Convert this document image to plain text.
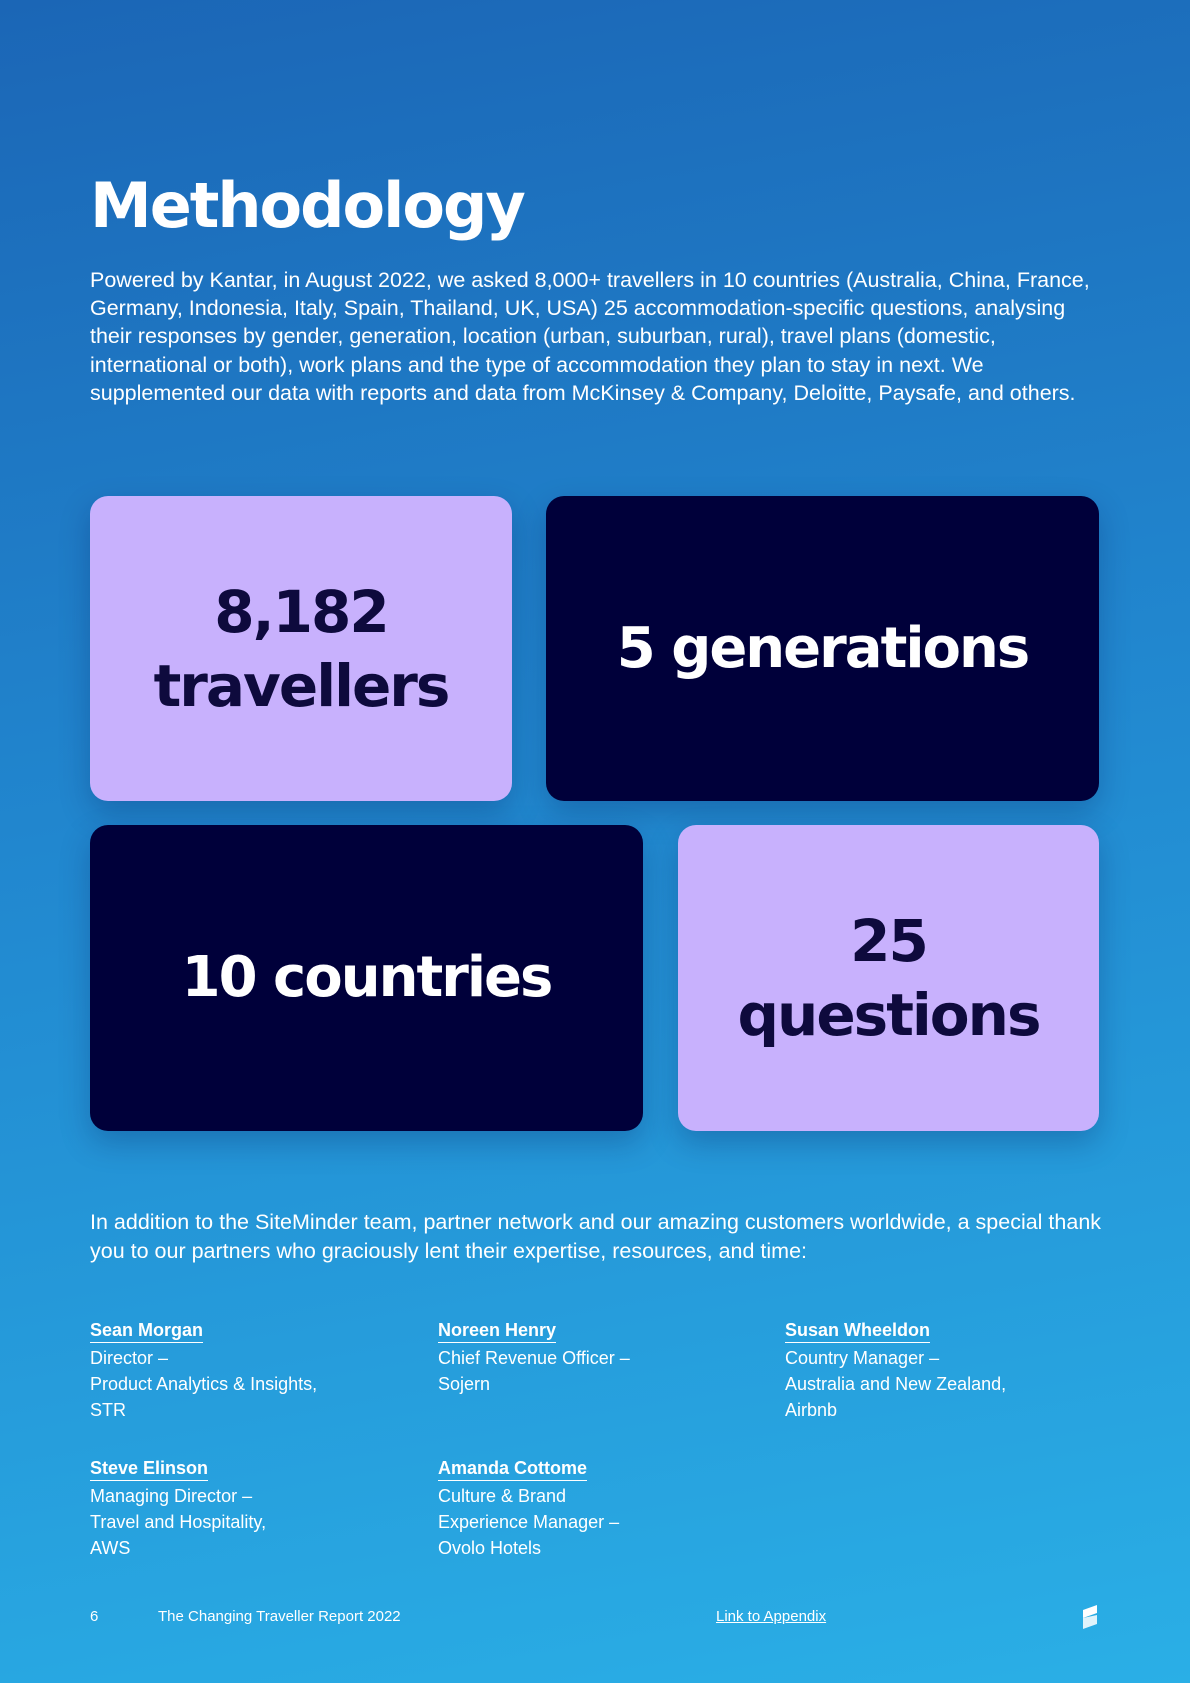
Methodology

Powered by Kantar, in August 2022, we asked 8,000+ travellers in 10 countries (Australia, China, France, Germany, Indonesia, Italy, Spain, Thailand, UK, USA) 25 accommodation-specific questions, analysing their responses by gender, generation, location (urban, suburban, rural), travel plans (domestic, international or both), work plans and the type of accommodation they plan to stay in next. We supplemented our data with reports and data from McKinsey & Company, Deloitte, Paysafe, and others.

8,182
travellers
5 generations
10 countries
25
questions

In addition to the SiteMinder team, partner network and our amazing customers worldwide, a special thank you to our partners who graciously lent their expertise, resources, and time:

Sean Morgan
Director –
Product Analytics & Insights,
STR
Noreen Henry
Chief Revenue Officer –
Sojern
Susan Wheeldon
Country Manager –
Australia and New Zealand,
Airbnb
Steve Elinson
Managing Director –
Travel and Hospitality,
AWS
Amanda Cottome
Culture & Brand
Experience Manager –
Ovolo Hotels
6	The Changing Traveller Report 2022	Link to Appendix
